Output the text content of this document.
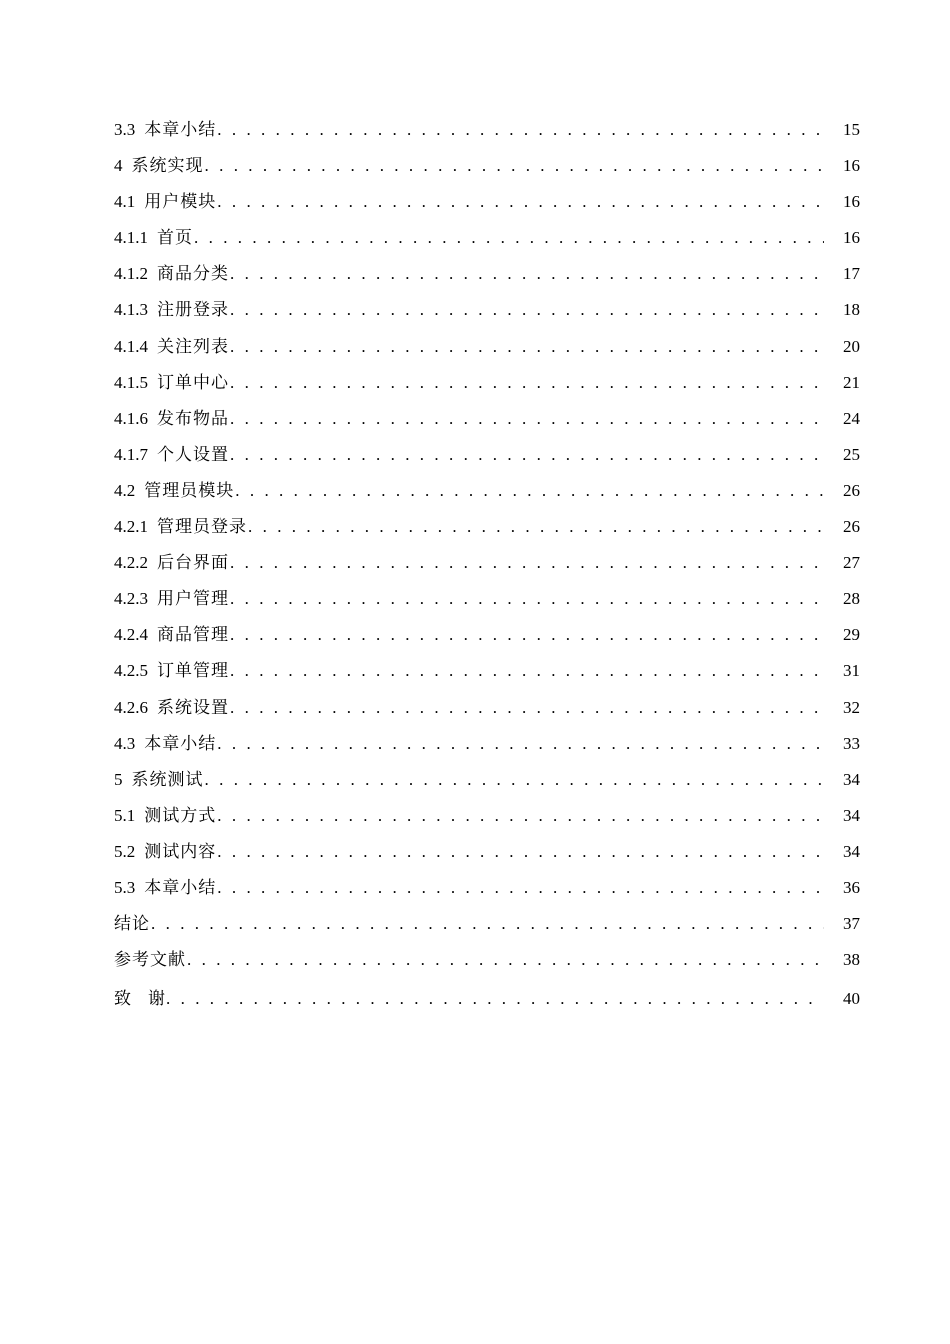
3.3 本章小结 . . .	15
4 系统实现 . . .	16
4.1 用户模块 . . .	16
4.1.1 首页 . . .	16
4.1.2 商品分类 . . .	17
4.1.3 注册登录 . . .	18
4.1.4 关注列表 . . .	20
4.1.5 订单中心 . . .	21
4.1.6 发布物品 . . .	24
4.1.7 个人设置 . . .	25
4.2 管理员模块 . . .	26
4.2.1 管理员登录 . . .	26
4.2.2 后台界面 . . .	27
4.2.3 用户管理 . . .	28
4.2.4 商品管理 . . .	29
4.2.5 订单管理 . . .	31
4.2.6 系统设置 . . .	32
4.3 本章小结 . . .	33
5 系统测试 . . .	34
5.1 测试方式 . . .	34
5.2 测试内容 . . .	34
5.3 本章小结 . . .	36
结论 . . .	37
参考文献 . . .	38
致　谢 . . .	40
